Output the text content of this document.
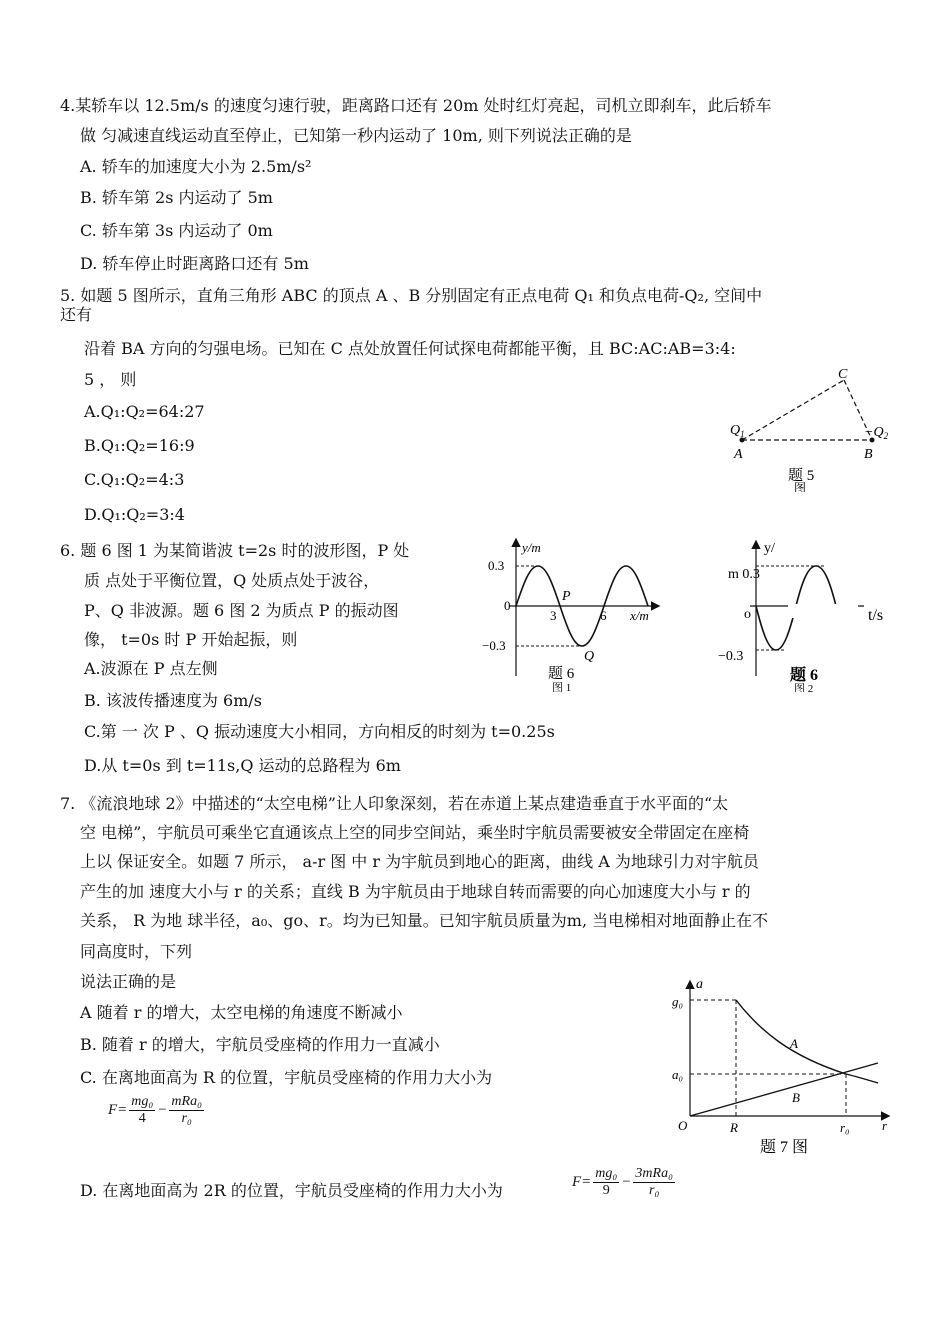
4.某轿车以 12.5m/s 的速度匀速行驶，距离路口还有 20m 处时红灯亮起，司机立即刹车，此后轿车
做 匀减速直线运动直至停止，已知第一秒内运动了 10m, 则下列说法正确的是
A. 轿车的加速度大小为 2.5m/s²
B. 轿车第 2s 内运动了 5m
C. 轿车第 3s 内运动了 0m
D. 轿车停止时距离路口还有 5m
5. 如题 5 图所示，直角三角形 ABC 的顶点 A 、B 分别固定有正点电荷 Q₁ 和负点电荷-Q₂, 空间中
还有
沿着 BA 方向的匀强电场。已知在 C 点处放置任何试探电荷都能平衡，且 BC:AC:AB=3:4:
5 ， 则
A.Q₁:Q₂=64:27
B.Q₁:Q₂=16:9
C.Q₁:Q₂=4:3
D.Q₁:Q₂=3:4
C
$Q_1$
A	B
$-Q_2$
题 5
图
6. 题 6 图 1 为某简谐波 t=2s 时的波形图，P 处
质 点处于平衡位置，Q 处质点处于波谷，
P、Q 非波源。题 6 图 2 为质点 P 的振动图
像， t=0s 时 P 开始起振，则
A.波源在 P 点左侧
B. 该波传播速度为 6m/s
C.第 一 次 P 、Q 振动速度大小相同，方向相反的时刻为 t=0.25s
D.从 t=0s 到 t=11s,Q 运动的总路程为 6m
y/m
0.3
−0.3
0
3	6 x/m
P
Q
题 6
图 1
y/
m 0.3
−0.3
o	t/s
题 6
图 2
7. 《流浪地球 2》中描述的“太空电梯”让人印象深刻，若在赤道上某点建造垂直于水平面的“太
空 电梯”，宇航员可乘坐它直通该点上空的同步空间站，乘坐时宇航员需要被安全带固定在座椅
上以 保证安全。如题 7 所示， a-r 图 中 r 为宇航员到地心的距离，曲线 A 为地球引力对宇航员
产生的加 速度大小与 r 的关系；直线 B 为宇航员由于地球自转而需要的向心加速度大小与 r 的
关系， R 为地 球半径，a₀、go、r。均为已知量。已知宇航员质量为m, 当电梯相对地面静止在不
同高度时，下列
说法正确的是
A 随着 r 的增大，太空电梯的角速度不断减小
B. 随着 r 的增大，宇航员受座椅的作用力一直减小
C. 在离地面高为 R 的位置，宇航员受座椅的作用力大小为
$F= \frac{\text{mg₀}}{4} - \frac{\text{mRa₀}}{\text{r₀}}$
D. 在离地面高为 2R 的位置，宇航员受座椅的作用力大小为	$F= \frac{\text{mg₀}}{9} - \frac{\text{3mRa₀}}{\text{r₀}}$
a
g₀
a₀
O	R	r₀ r
A
B
题 7 图
